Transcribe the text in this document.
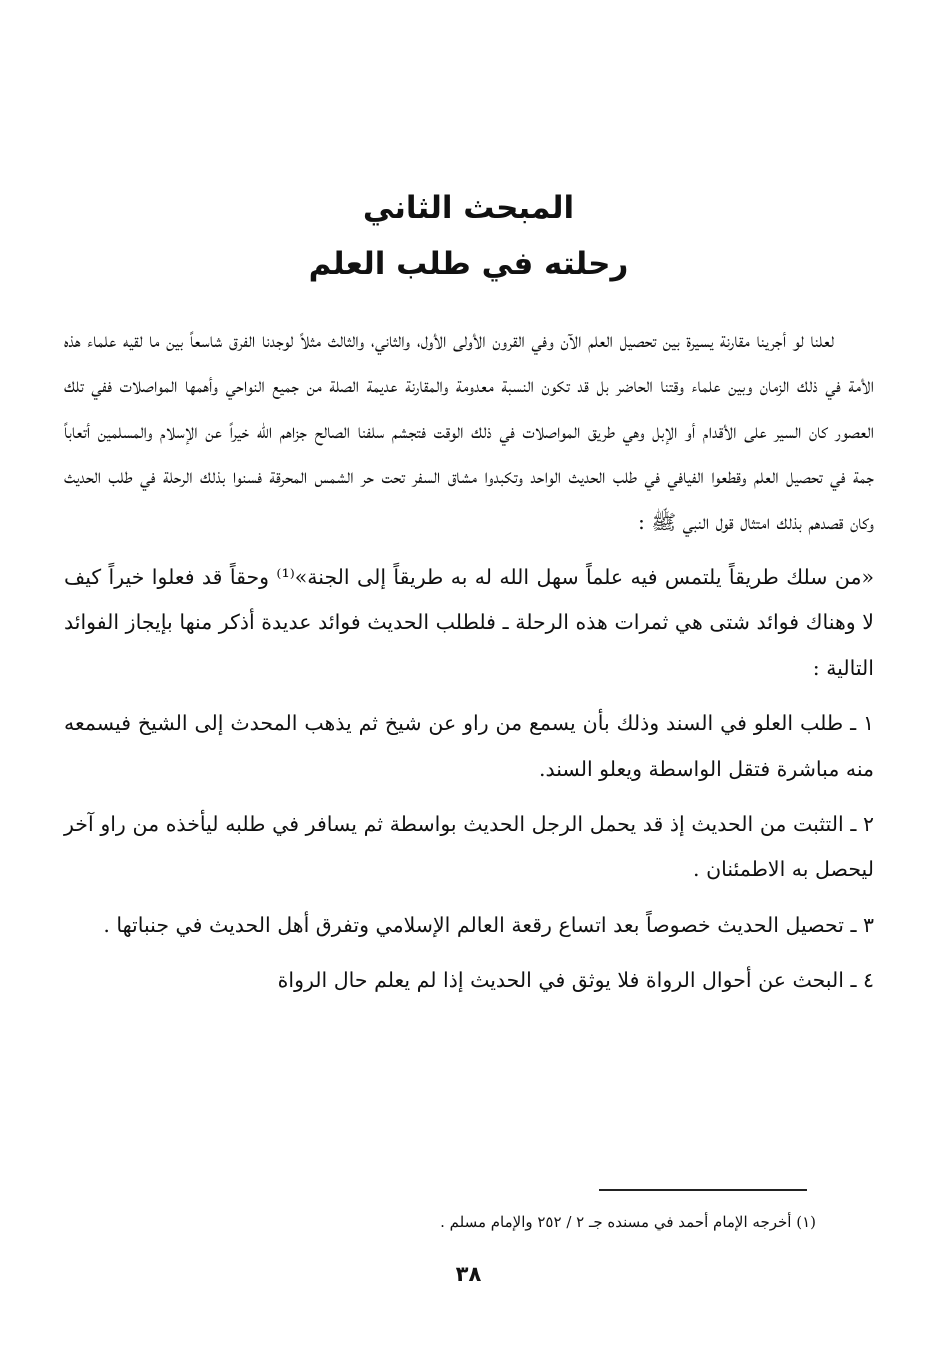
المبحث الثاني
رحلته في طلب العلم

لعلنا لو أجرينا مقارنة يسيرة بين تحصيل العلم الآن وفي القرون الأولى الأول، والثاني، والثالث مثلاً لوجدنا الفرق شاسعاً بين ما لقيه علماء هذه الأمة في ذلك الزمان وبين علماء وقتنا الحاضر بل قد تكون النسبة معدومة والمقارنة عديمة الصلة من جميع النواحي وأهمها المواصلات ففي تلك العصور كان السير على الأقدام أو الإبل وهي طريق المواصلات في ذلك الوقت فتجشم سلفنا الصالح جزاهم الله خيراً عن الإسلام والمسلمين أتعاباً جمة في تحصيل العلم وقطعوا الفيافي في طلب الحديث الواحد وتكبدوا مشاق السفر تحت حر الشمس المحرقة فسنوا بذلك الرحلة في طلب الحديث وكان قصدهم بذلك امتثال قول النبي ﷺ :

«من سلك طريقاً يلتمس فيه علماً سهل الله له به طريقاً إلى الجنة»⁽¹⁾ وحقاً قد فعلوا خيراً كيف لا وهناك فوائد شتى هي ثمرات هذه الرحلة ـ فلطلب الحديث فوائد عديدة أذكر منها بإيجاز الفوائد التالية :

١ ـ طلب العلو في السند وذلك بأن يسمع من راو عن شيخ ثم يذهب المحدث إلى الشيخ فيسمعه منه مباشرة فتقل الواسطة ويعلو السند.

٢ ـ التثبت من الحديث إذ قد يحمل الرجل الحديث بواسطة ثم يسافر في طلبه ليأخذه من راو آخر ليحصل به الاطمئنان .

٣ ـ تحصيل الحديث خصوصاً بعد اتساع رقعة العالم الإسلامي وتفرق أهل الحديث في جنباتها .

٤ ـ البحث عن أحوال الرواة فلا يوثق في الحديث إذا لم يعلم حال الرواة

(١) أخرجه الإمام أحمد في مسنده جـ ٢ / ٢٥٢ والإمام مسلم .
٣٨
